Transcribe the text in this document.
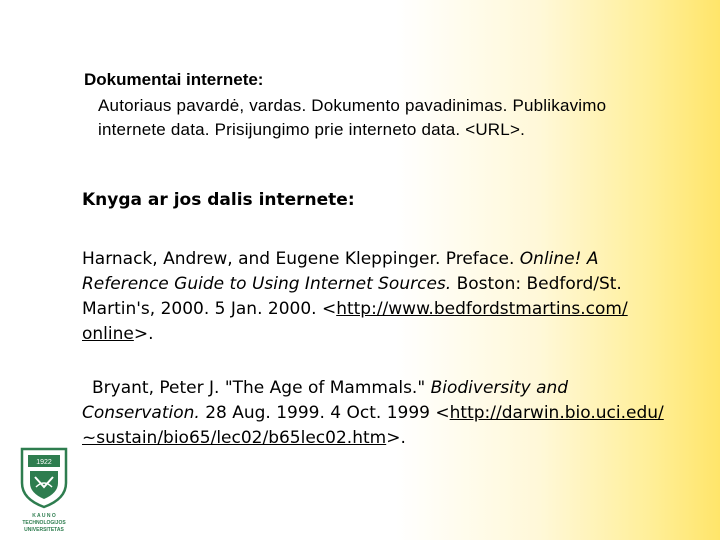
Dokumentai internete:
Autoriaus pavardė, vardas. Dokumento pavadinimas. Publikavimo
internete data. Prisijungimo prie interneto data. <URL>.
Knyga ar jos dalis internete:
Harnack, Andrew, and Eugene Kleppinger. Preface. Online! A
Reference Guide to Using Internet Sources. Boston: Bedford/St.
Martin's, 2000. 5 Jan. 2000. <http://www.bedfordstmartins.com/
online>.
Bryant, Peter J. "The Age of Mammals." Biodiversity and
Conservation. 28 Aug. 1999. 4 Oct. 1999 <http://darwin.bio.uci.edu/
~sustain/bio65/lec02/b65lec02.htm>.
1922
K A U N O
TECHNOLOGIJOS
UNIVERSITETAS
